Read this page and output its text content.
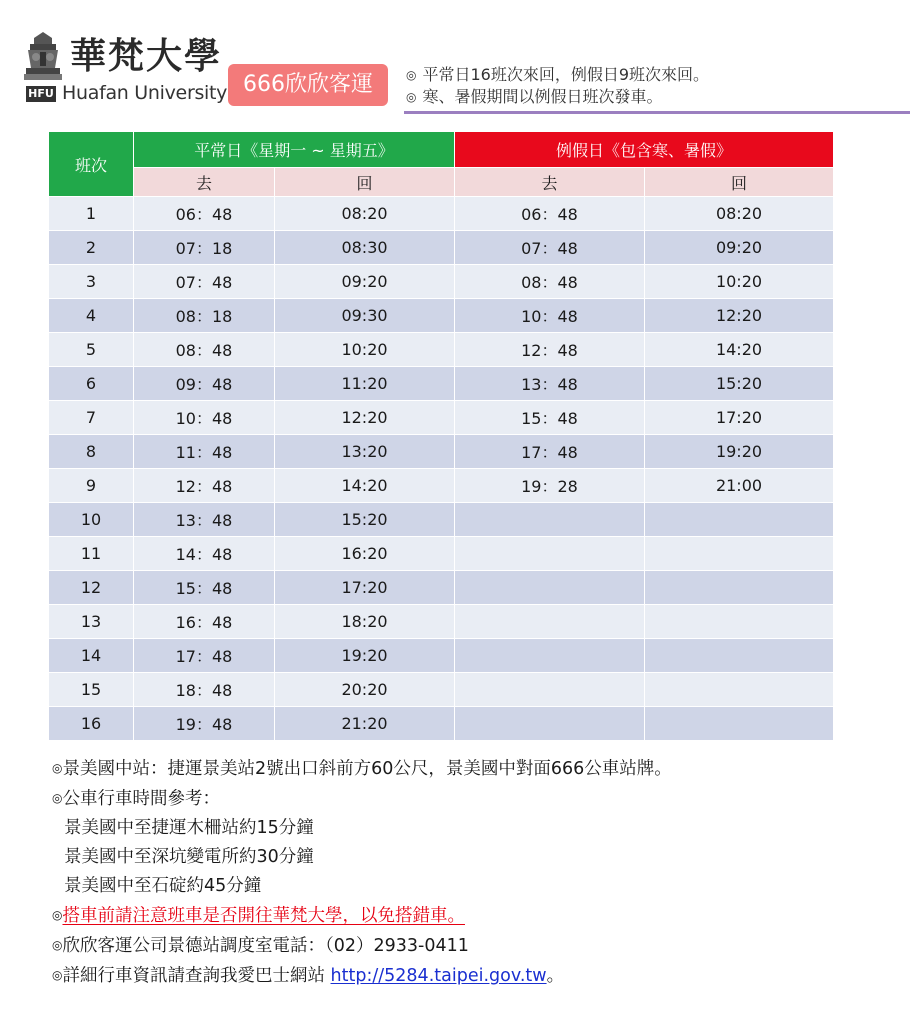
華梵大學
HFU Huafan University 666欣欣客運	◎ 平常日16班次來回，例假日9班次來回。
◎ 寒、暑假期間以例假日班次發車。
班次	平常日《星期一 ~ 星期五》		例假日《包含寒、暑假》	
	去	回	去	回
1	06：48	08:20	06：48	08:20
2	07：18	08:30	07：48	09:20
3	07：48	09:20	08：48	10:20
4	08：18	09:30	10：48	12:20
5	08：48	10:20	12：48	14:20
6	09：48	11:20	13：48	15:20
7	10：48	12:20	15：48	17:20
8	11：48	13:20	17：48	19:20
9	12：48	14:20	19：28	21:00
10	13：48	15:20		
11	14：48	16:20		
12	15：48	17:20		
13	16：48	18:20		
14	17：48	19:20		
15	18：48	20:20		
16	19：48	21:20		
◎景美國中站：捷運景美站2號出口斜前方60公尺，景美國中對面666公車站牌。
◎公車行車時間參考：
景美國中至捷運木柵站約15分鐘
景美國中至深坑變電所約30分鐘
景美國中至石碇約45分鐘
◎搭車前請注意班車是否開往華梵大學，以免搭錯車。
◎欣欣客運公司景德站調度室電話：（02）2933-0411
◎詳細行車資訊請查詢我愛巴士網站 http://5284.taipei.gov.tw。
